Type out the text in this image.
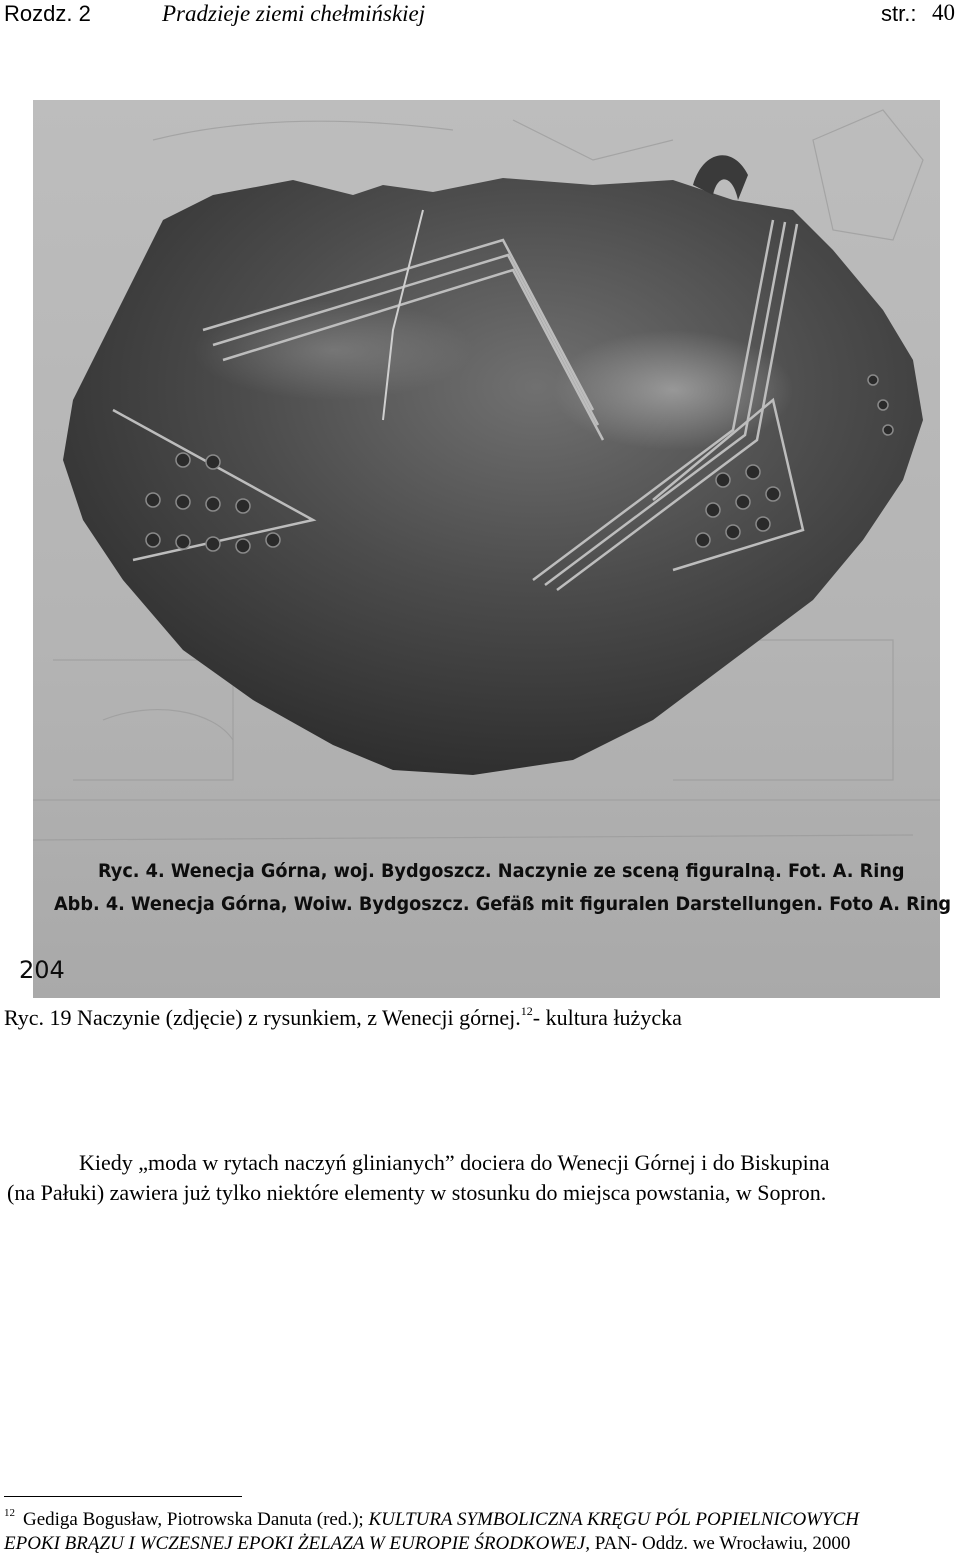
Rozdz. 2	Pradzieje ziemi chełmińskiej	str.: 40
Ryc. 4. Wenecja Górna, woj. Bydgoszcz. Naczynie ze sceną figuralną. Fot. A. Ring
Abb. 4. Wenecja Górna, Woiw. Bydgoszcz. Gefäß mit figuralen Darstellungen. Foto A. Ring
204
Ryc. 19 Naczynie (zdjęcie) z rysunkiem, z Wenecji górnej.$^{12}$- kultura łużycka
Kiedy „moda w rytach naczyń glinianych” dociera do Wenecji Górnej i do Biskupina
(na Pałuki) zawiera już tylko niektóre elementy w stosunku do miejsca powstania, w Sopron.
$^{12}$ Gediga Bogusław, Piotrowska Danuta (red.); KULTURA SYMBOLICZNA KRĘGU PÓL POPIELNICOWYCH
EPOKI BRĄZU I WCZESNEJ EPOKI ŻELAZA W EUROPIE ŚRODKOWEJ, PAN- Oddz. we Wrocławiu, 2000
